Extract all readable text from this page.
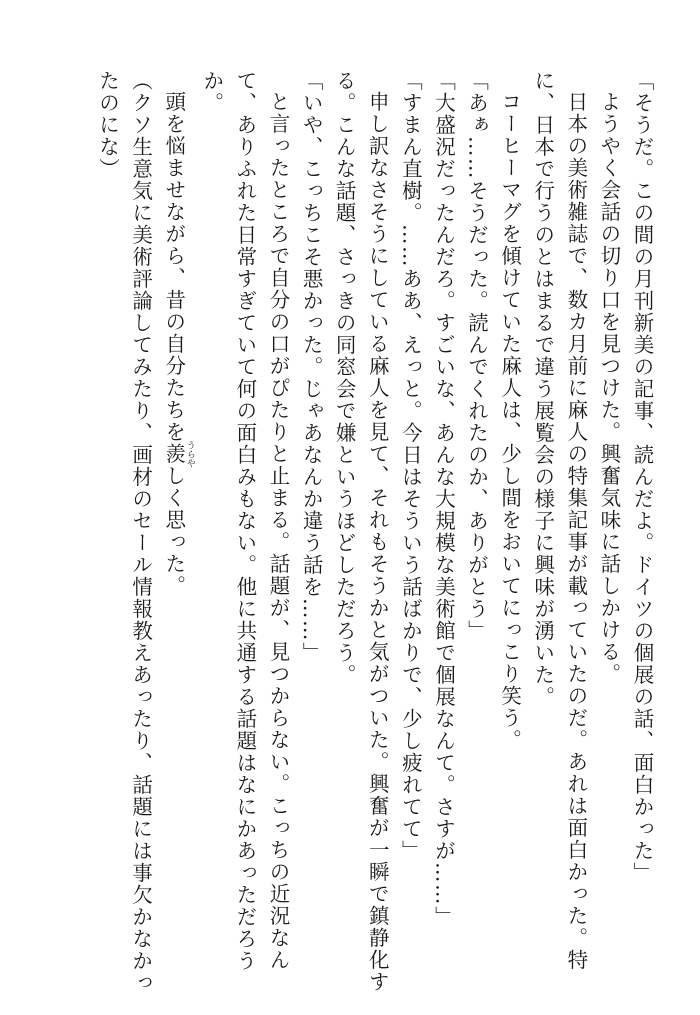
「そうだ。この間の月刊新美の記事、読んだよ。ドイツの個展の話、面白かった」

ようやく会話の切り口を見つけた。興奮気味に話しかける。

日本の美術雑誌で、数カ月前に麻人の特集記事が載っていたのだ。あれは面白かった。特

に、日本で行うのとはまるで違う展覧会の様子に興味が湧いた。

コーヒーマグを傾けていた麻人は、少し間をおいてにっこり笑う。

「あぁ……そうだった。読んでくれたのか、ありがとう」

「大盛況だったんだろ。すごいな、あんな大規模な美術館で個展なんて。さすが……」

「すまん直樹。……ああ、えっと。今日はそういう話ばかりで、少し疲れてて」

申し訳なさそうにしている麻人を見て、それもそうかと気がついた。興奮が一瞬で鎮静化す

る。こんな話題、さっきの同窓会で嫌というほどしただろう。

「いや、こっちこそ悪かった。じゃあなんか違う話を……」

と言ったところで自分の口がぴたりと止まる。話題が、見つからない。こっちの近況なん

て、ありふれた日常すぎていて何の面白みもない。他に共通する話題はなにかあっただろう

か。

頭を悩ませながら、昔の自分たちを羨 うらやしく思った。

（クソ生意気に美術評論してみたり、画材のセール情報教えあったり、話題には事欠かなかっ

たのにな）
